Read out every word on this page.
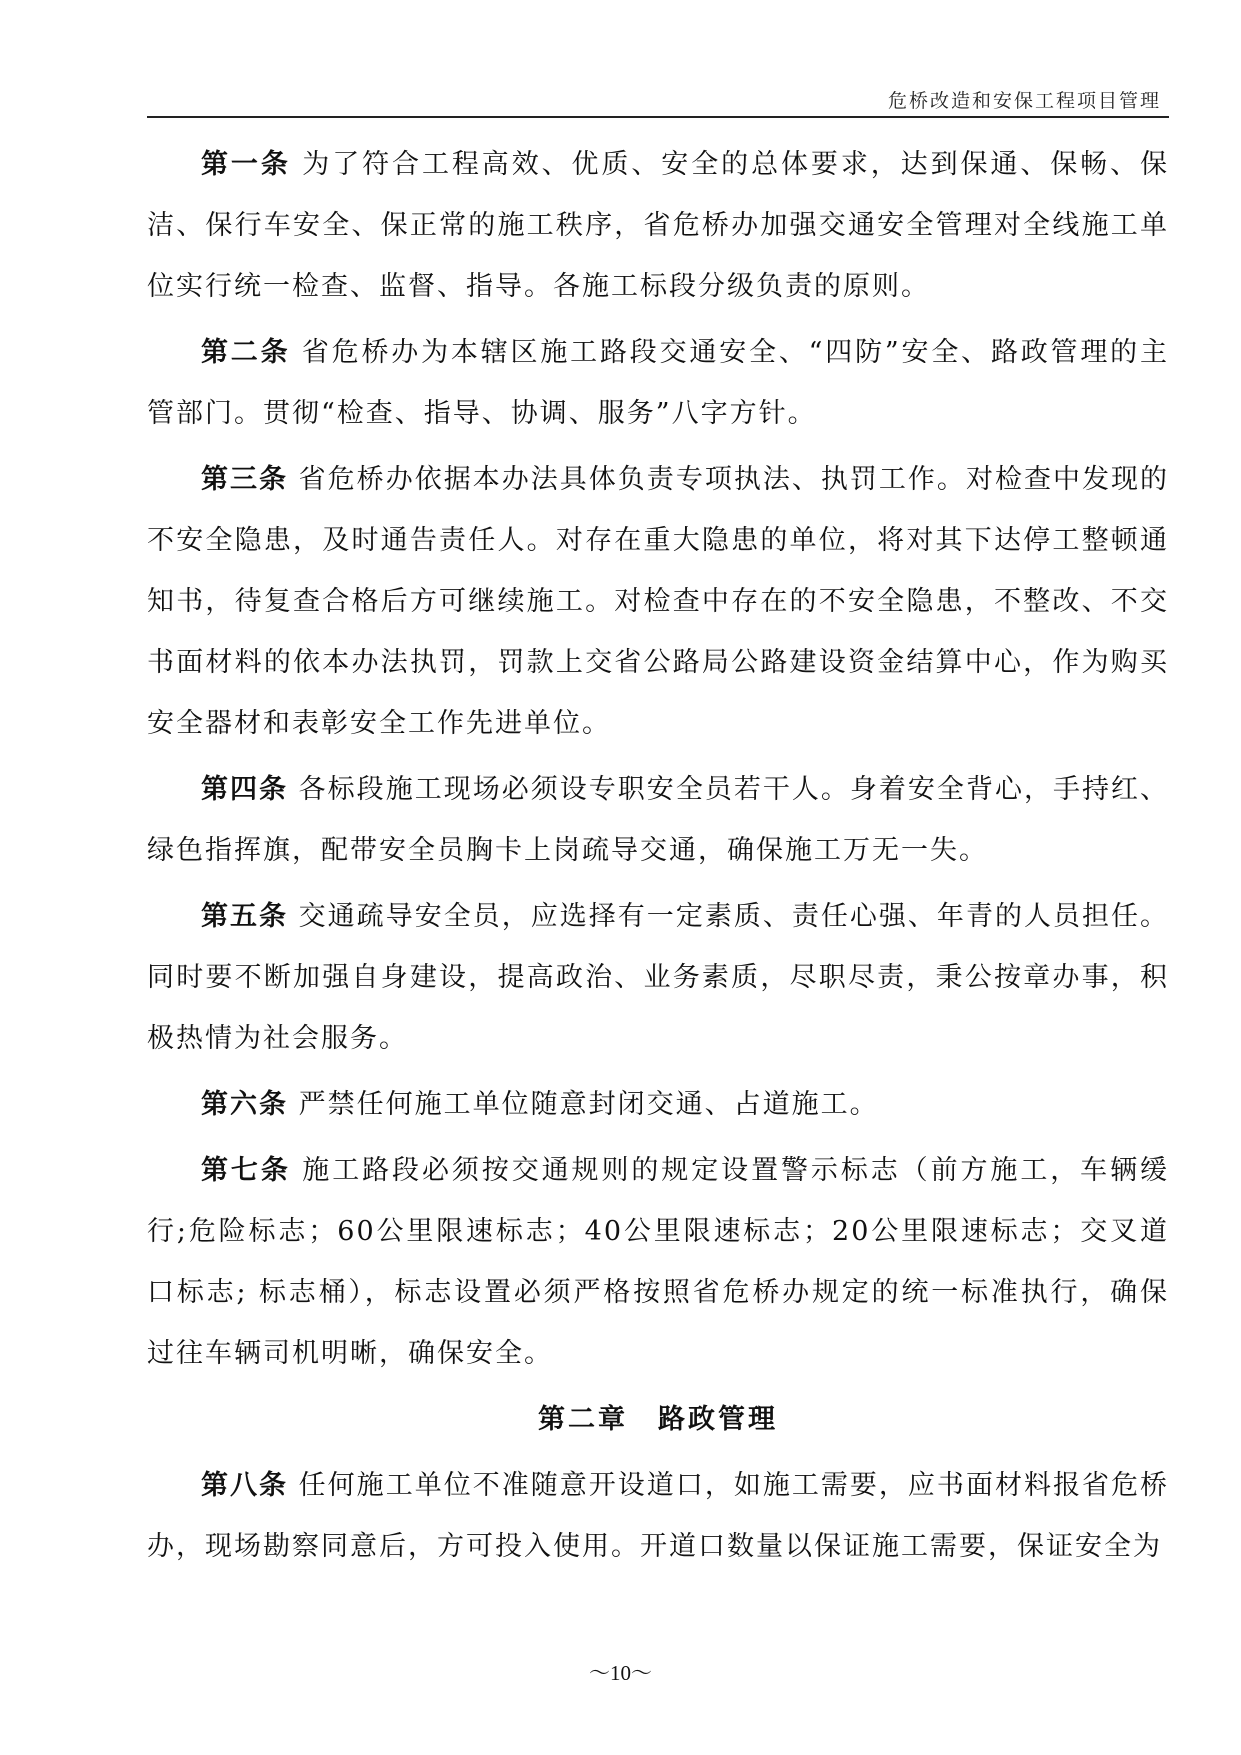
危桥改造和安保工程项目管理

第一条 为了符合工程高效、优质、安全的总体要求，达到保通、保畅、保洁、保行车安全、保正常的施工秩序，省危桥办加强交通安全管理对全线施工单位实行统一检查、监督、指导。各施工标段分级负责的原则。

第二条 省危桥办为本辖区施工路段交通安全、“四防”安全、路政管理的主管部门。贯彻“检查、指导、协调、服务”八字方针。

第三条 省危桥办依据本办法具体负责专项执法、执罚工作。对检查中发现的不安全隐患，及时通告责任人。对存在重大隐患的单位，将对其下达停工整顿通知书，待复查合格后方可继续施工。对检查中存在的不安全隐患，不整改、不交书面材料的依本办法执罚，罚款上交省公路局公路建设资金结算中心，作为购买安全器材和表彰安全工作先进单位。

第四条 各标段施工现场必须设专职安全员若干人。身着安全背心，手持红、绿色指挥旗，配带安全员胸卡上岗疏导交通，确保施工万无一失。

第五条 交通疏导安全员，应选择有一定素质、责任心强、年青的人员担任。同时要不断加强自身建设，提高政治、业务素质，尽职尽责，秉公按章办事，积极热情为社会服务。

第六条 严禁任何施工单位随意封闭交通、占道施工。

第七条 施工路段必须按交通规则的规定设置警示标志（前方施工，车辆缓行;危险标志；60公里限速标志；40公里限速标志；20公里限速标志；交叉道口标志; 标志桶），标志设置必须严格按照省危桥办规定的统一标准执行，确保过往车辆司机明晰，确保安全。

第二章　路政管理

第八条 任何施工单位不准随意开设道口，如施工需要，应书面材料报省危桥办，现场勘察同意后，方可投入使用。开道口数量以保证施工需要，保证安全为

～10～
